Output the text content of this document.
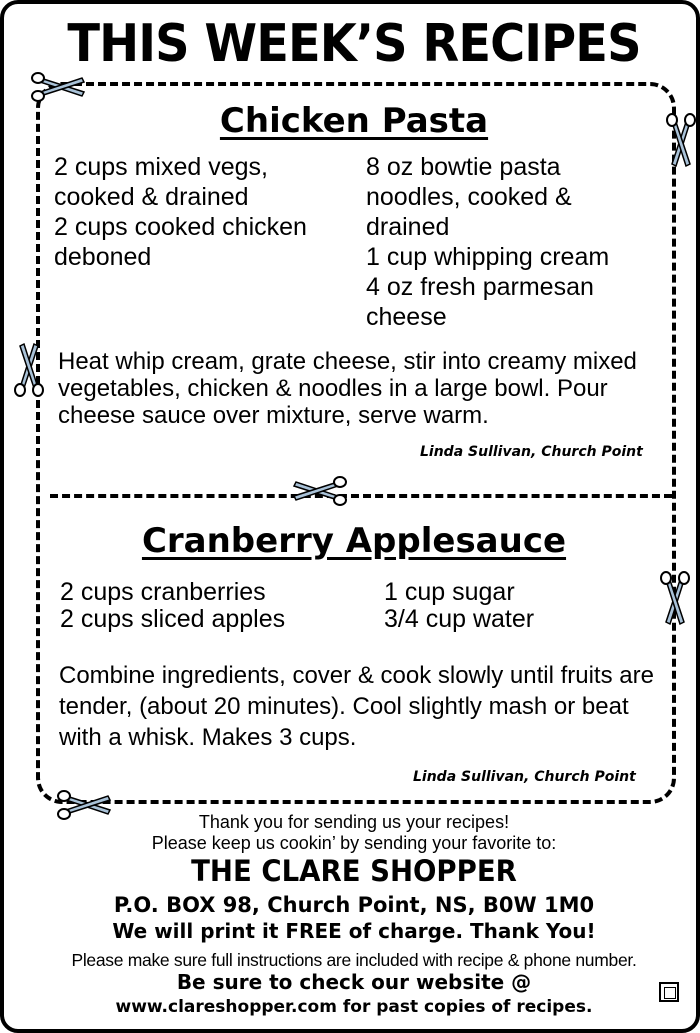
THIS WEEK’S RECIPES
Chicken Pasta
2 cups mixed vegs,
cooked & drained
2 cups cooked chicken
deboned
8 oz bowtie pasta
noodles, cooked &
drained
1 cup whipping cream
4 oz fresh parmesan
cheese
Heat whip cream, grate cheese, stir into creamy mixed vegetables, chicken & noodles in a large bowl. Pour cheese sauce over mixture, serve warm.
Linda Sullivan, Church Point
Cranberry Applesauce
2 cups cranberries
2 cups sliced apples
1 cup sugar
3/4 cup water
Combine ingredients, cover & cook slowly until fruits are tender, (about 20 minutes). Cool slightly mash or beat with a whisk. Makes 3 cups.
Linda Sullivan, Church Point
Thank you for sending us your recipes!
Please keep us cookin’ by sending your favorite to:
THE CLARE SHOPPER
P.O. BOX 98, Church Point, NS, B0W 1M0
We will print it FREE of charge. Thank You!
Please make sure full instructions are included with recipe & phone number.
Be sure to check our website @
www.clareshopper.com for past copies of recipes.
